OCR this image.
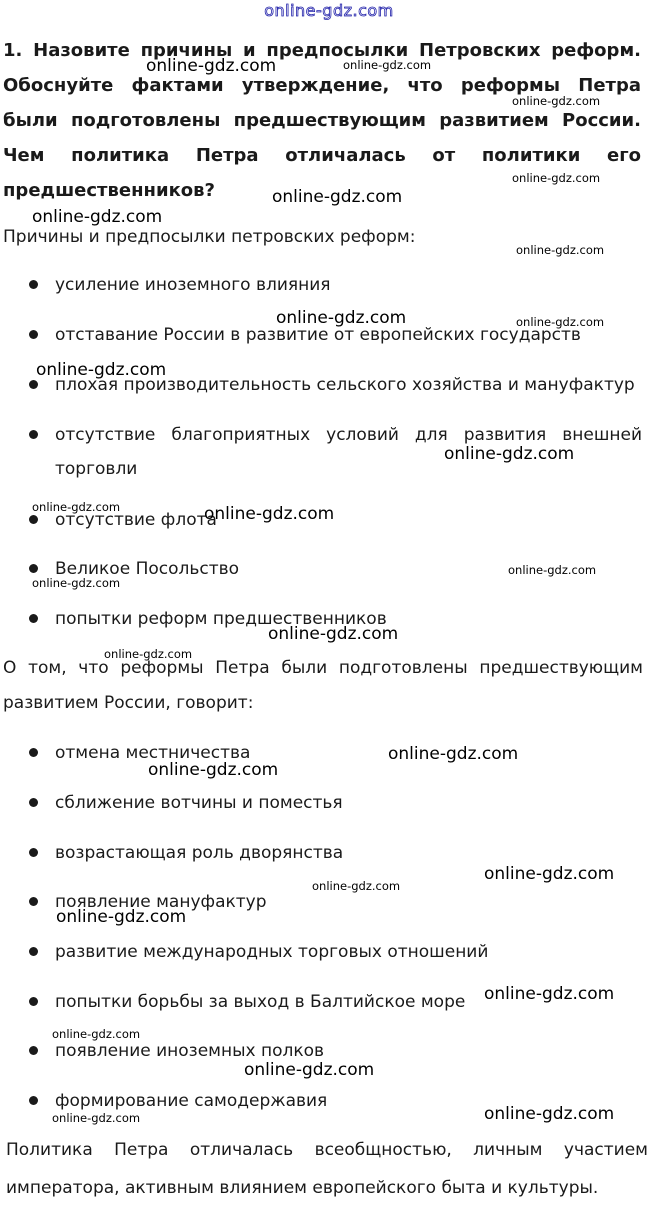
online-gdz.com

1. Назовите причины и предпосылки Петровских реформ. Обоснуйте фактами утверждение, что реформы Петра были подготовлены предшествующим развитием России. Чем политика Петра отличалась от политики его предшественников?

Причины и предпосылки петровских реформ:

усиление иноземного влияния
отставание России в развитие от европейских государств
плохая производительность сельского хозяйства и мануфактур
отсутствие благоприятных условий для развития внешней
торговли
отсутствие флота
Великое Посольство
попытки реформ предшественников

О том, что реформы Петра были подготовлены предшествующим

развитием России, говорит:

отмена местничества
сближение вотчины и поместья
возрастающая роль дворянства
появление мануфактур
развитие международных торговых отношений
попытки борьбы за выход в Балтийское море
появление иноземных полков
формирование самодержавия

Политика Петра отличалась всеобщностью, личным участием

императора, активным влиянием европейского быта и культуры.

online-gdz.com	online-gdz.com
online-gdz.com
online-gdz.com
online-gdz.com
online-gdz.com
online-gdz.com
online-gdz.com	online-gdz.com
online-gdz.com
online-gdz.com
online-gdz.com	online-gdz.com
online-gdz.com
online-gdz.com
online-gdz.com
online-gdz.com
online-gdz.com
online-gdz.com
online-gdz.com
online-gdz.com
online-gdz.com
online-gdz.com
online-gdz.com
online-gdz.com
online-gdz.com
online-gdz.com
